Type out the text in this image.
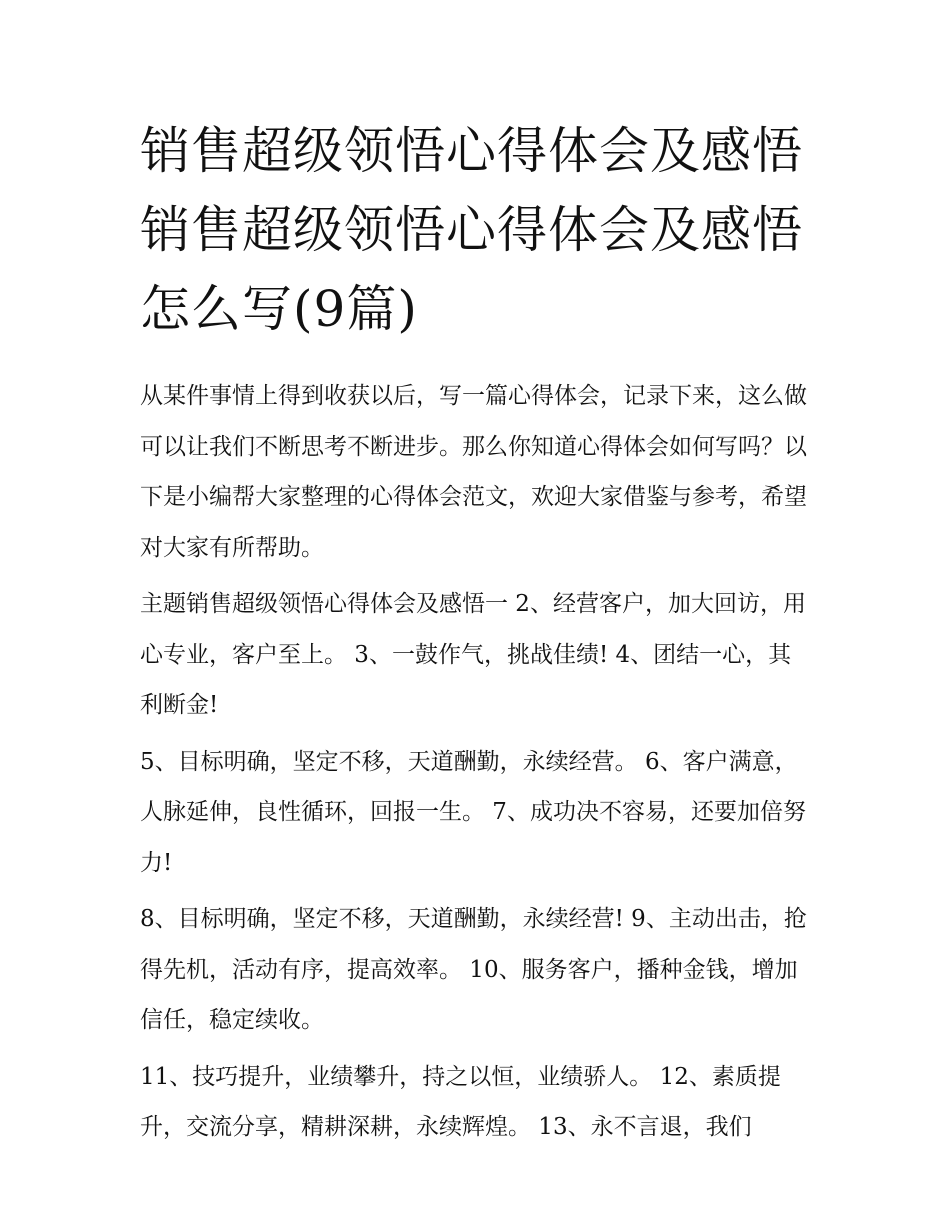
销售超级领悟心得体会及感悟
销售超级领悟心得体会及感悟
怎么写(9篇)

从某件事情上得到收获以后，写一篇心得体会，记录下来，这么做可以让我们不断思考不断进步。那么你知道心得体会如何写吗？以下是小编帮大家整理的心得体会范文，欢迎大家借鉴与参考，希望对大家有所帮助。

主题销售超级领悟心得体会及感悟一 2、经营客户，加大回访，用心专业，客户至上。 3、一鼓作气，挑战佳绩! 4、团结一心，其利断金!

5、目标明确，坚定不移，天道酬勤，永续经营。 6、客户满意，人脉延伸，良性循环，回报一生。 7、成功决不容易，还要加倍努力!

8、目标明确，坚定不移，天道酬勤，永续经营! 9、主动出击，抢得先机，活动有序，提高效率。 10、服务客户，播种金钱，增加信任，稳定续收。

11、技巧提升，业绩攀升，持之以恒，业绩骄人。 12、素质提升，交流分享，精耕深耕，永续辉煌。 13、永不言退，我们
